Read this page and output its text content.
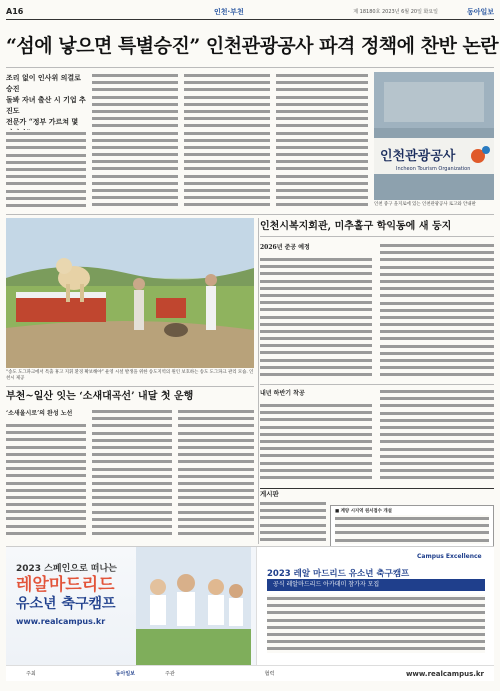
A16	인천·부천	제 18180호 2023년 6월 20일 화요일	동아일보
“섬에 낳으면 특별승진” 인천관광공사 파격 정책에 찬반 논란
조리 없이 인사위 의결로 승진
돌봐 자녀 출산 시 기업 추진도
전문가 “정부 가르쳐 몇
인천관광공사
Incheon Tourism Organization
인천 중구 을지로에 있는 인천관광공사 로고와 안내판
“송도 도그파크에서 특출 휴고 지휘 환경 확보해야” 운영 시설 발생을 위한 송도지역의 원인 보호하는 송도 도그파크 관리 모습. 인천시 제공
인천시복지회관, 미추홀구 학익동에 새 둥지
2026년 준공 예정
부천~일산 잇는 ‘소새대곡선’ 내달 첫 운행
‘소새울시로’의 완성 노선
내년 하반기 착공
게시판
■ 계양 시지역 원서접수 개설
2023 스페인으로 떠나는
레알마드리드
유소년 축구캠프
www.realcampus.kr
Campus Excellence
2023 레알 마드리드 유소년 축구캠프
공식 레알마드리드 아카데미 참가자 모집
주최	동아일보	주관	협력	www.realcampus.kr
